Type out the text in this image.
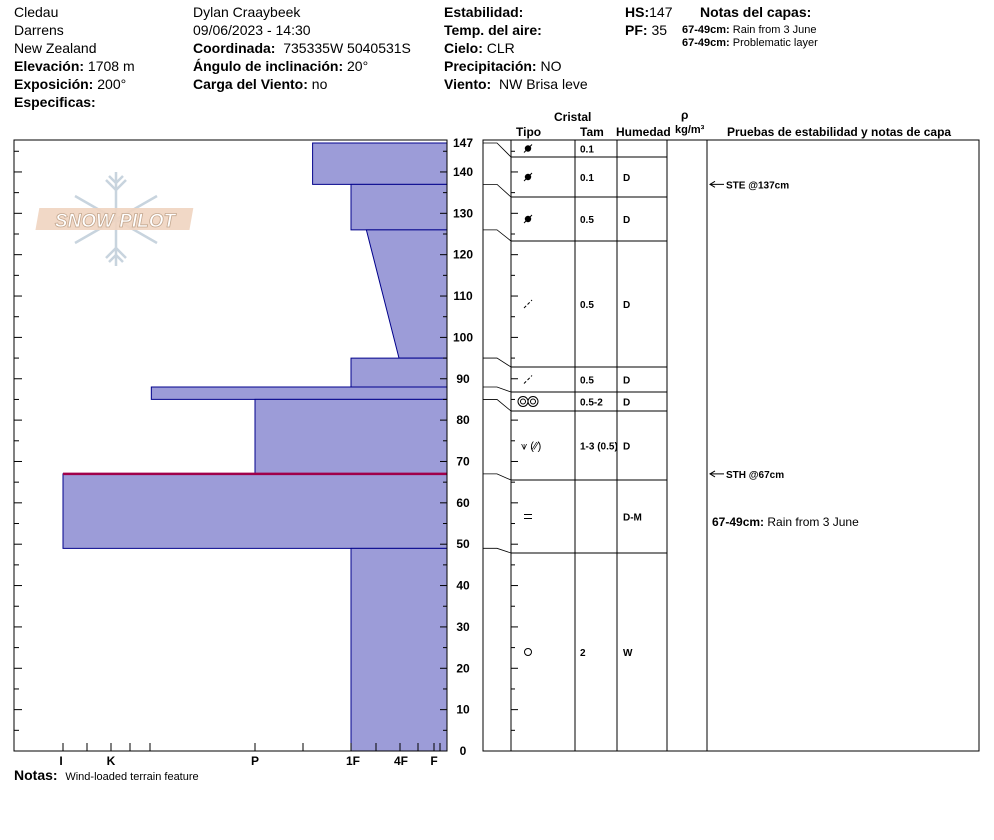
Cledau
Darrens
New Zealand
Elevación: 1708 m
Exposición: 200°
Especificas:
Dylan Craaybeek
09/06/2023 - 14:30
Coordinada: 735335W 5040531S
Ángulo de inclinación: 20°
Carga del Viento: no
Estabilidad:
Temp. del aire:
Cielo: CLR
Precipitación: NO
Viento: NW Brisa leve
HS:147
PF: 35
Notas del capas:
67-49cm: Rain from 3 June
67-49cm: Problematic layer
Cristal
Tipo	Tam Humedad
ρ
kg/m³ Pruebas de estabilidad y notas de capa
SNOW PILOT
I	K	P	1F	4F F
0
10
20
30
40
50
60
70
80
90
100
110
120
130
140
147	0.1
0.1	D
0.5	D
0.5	D
0.5	D
0.5-2 D
⩛ (⁄⁄)	1-3 (0.5) D
D-M
2	W
STE @137cm
STH @67cm
67-49cm: Rain from 3 June
Notas: Wind-loaded terrain feature
